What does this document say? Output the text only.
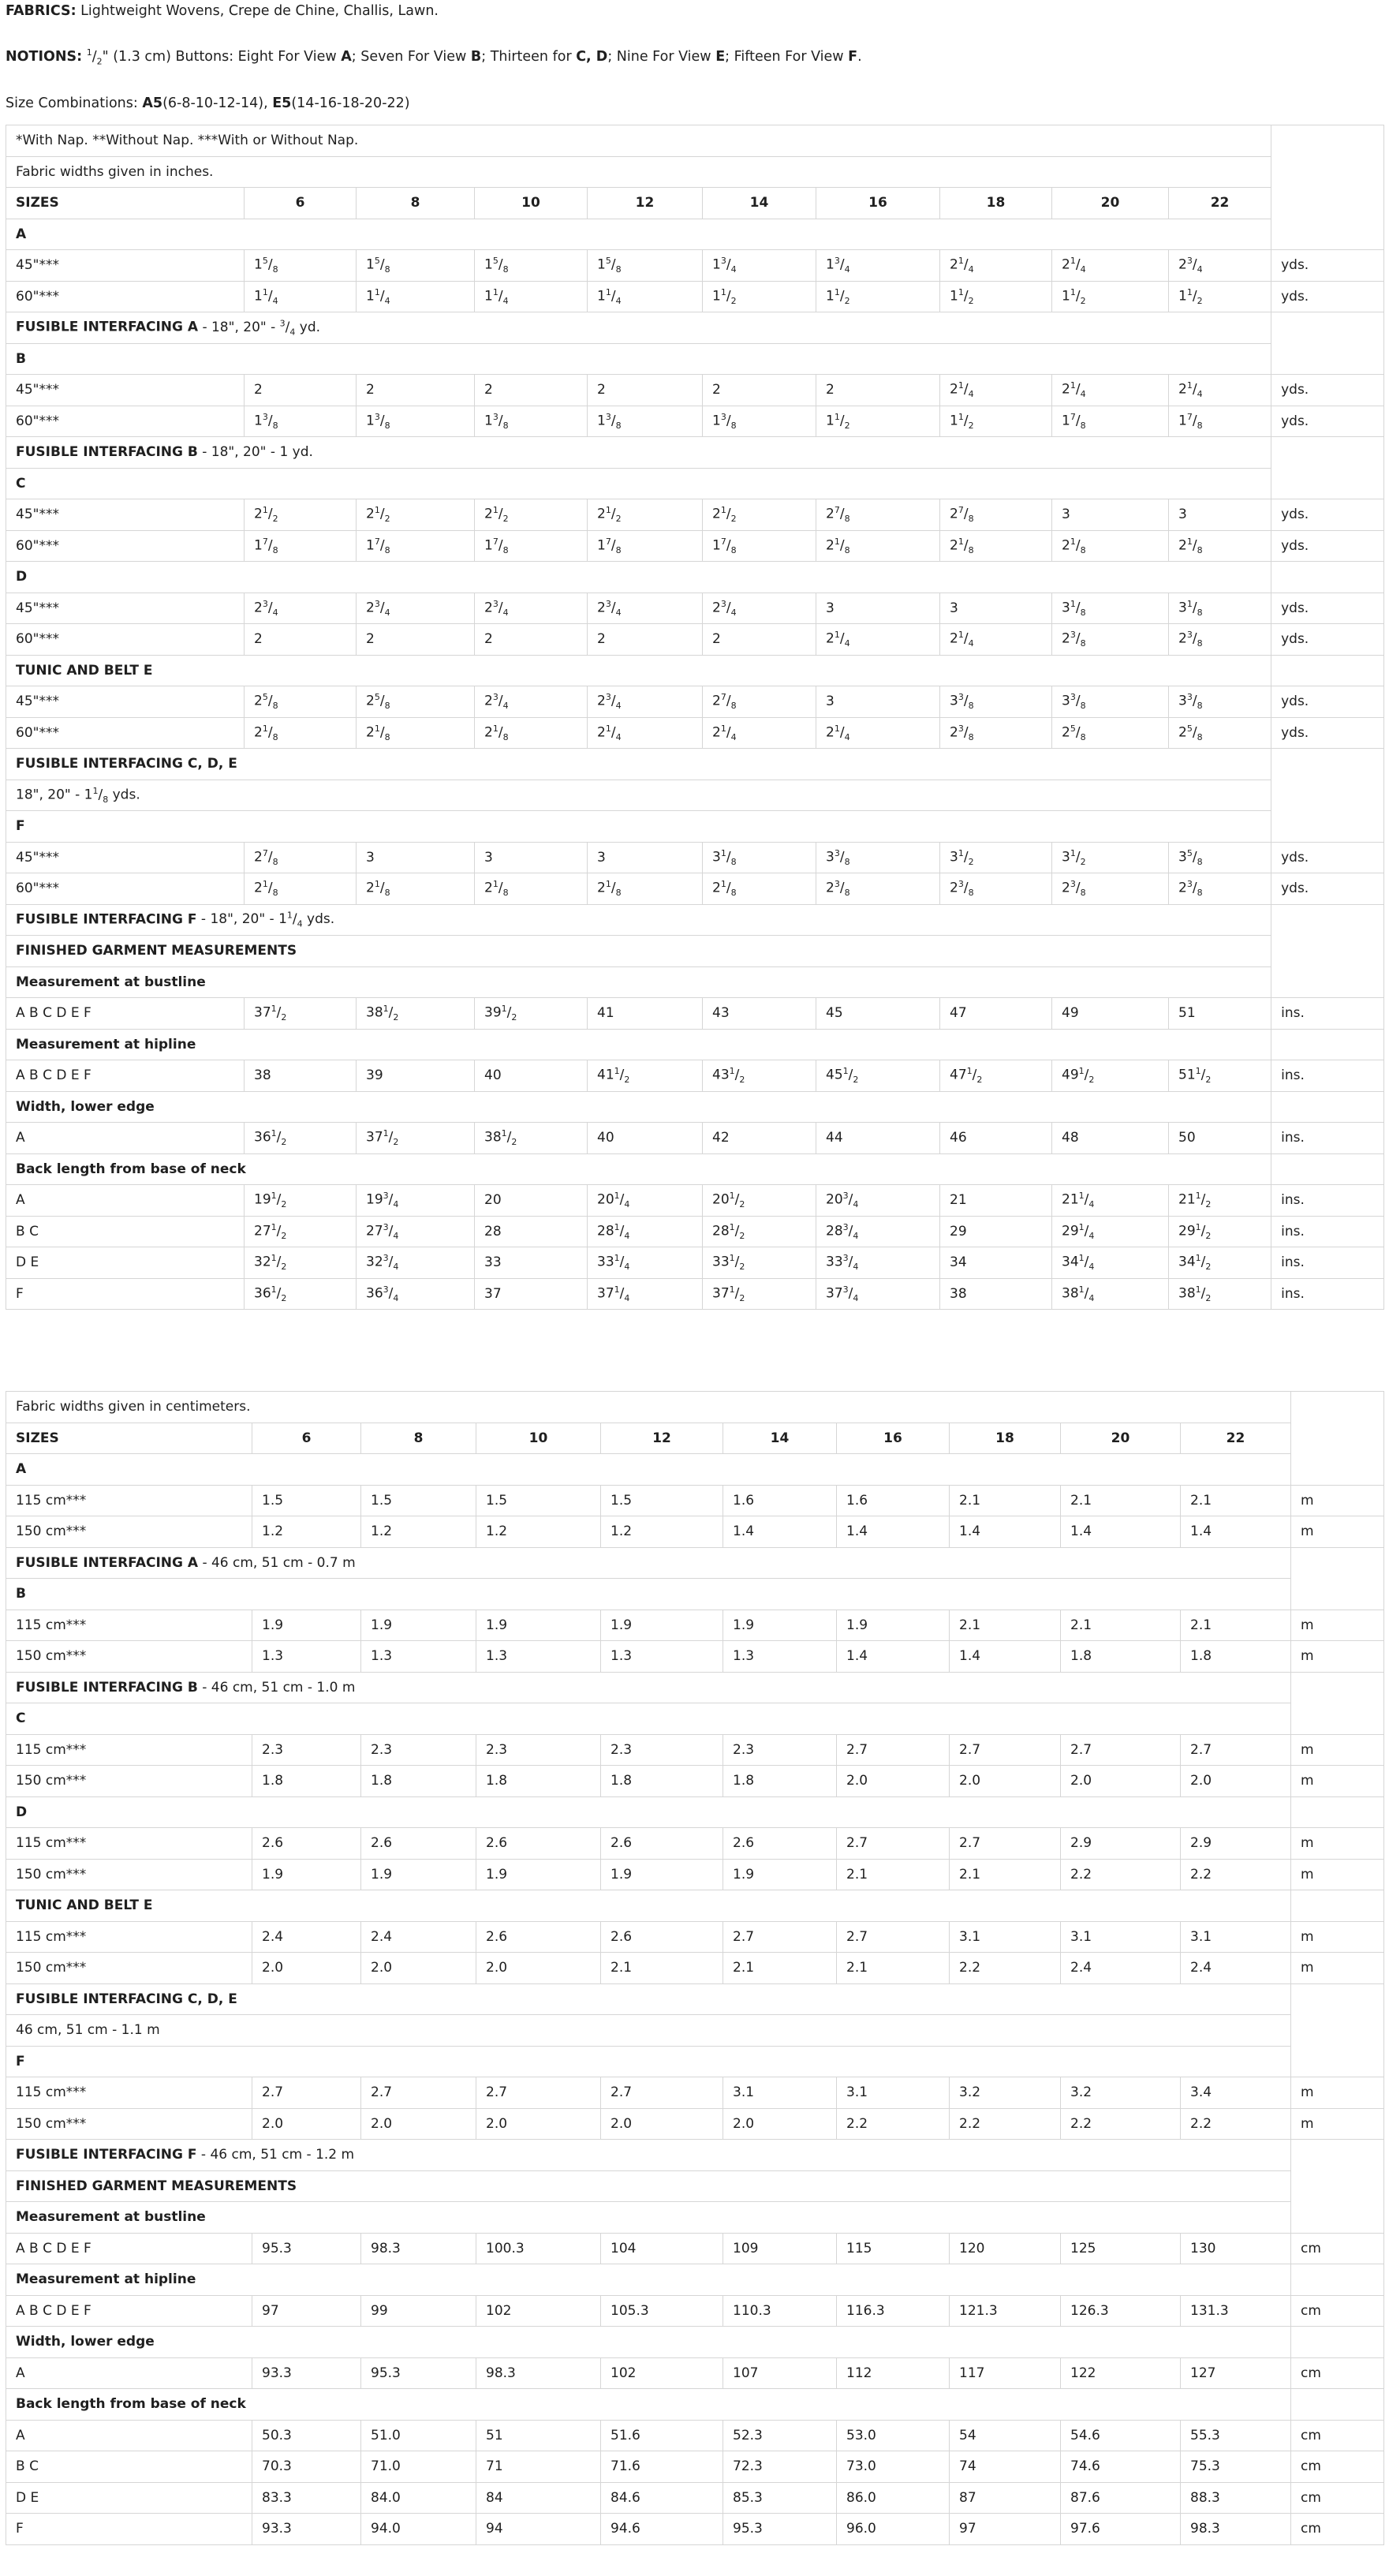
FABRICS: Lightweight Wovens, Crepe de Chine, Challis, Lawn.

NOTIONS: $^1/_2$" (1.3 cm) Buttons: Eight For View A; Seven For View B; Thirteen for C, D; Nine For View E; Fifteen For View F.

Size Combinations: A5(6-8-10-12-14), E5(14-16-18-20-22)

*With Nap. **Without Nap. ***With or Without Nap.										
Fabric widths given in inches.										
SIZES	6	8	10	12	14	16	18	20	22	
A										
45"***	$1^5/_8$	$1^5/_8$	$1^5/_8$	$1^5/_8$	$1^3/_4$	$1^3/_4$	$2^1/_4$	$2^1/_4$	$2^3/_4$	yds.
60"***	$1^1/_4$	$1^1/_4$	$1^1/_4$	$1^1/_4$	$1^1/_2$	$1^1/_2$	$1^1/_2$	$1^1/_2$	$1^1/_2$	yds.
FUSIBLE INTERFACING A - 18", 20" - $^3/_4$ yd.										
B										
45"***	2	2	2	2	2	2	$2^1/_4$	$2^1/_4$	$2^1/_4$	yds.
60"***	$1^3/_8$	$1^3/_8$	$1^3/_8$	$1^3/_8$	$1^3/_8$	$1^1/_2$	$1^1/_2$	$1^7/_8$	$1^7/_8$	yds.
FUSIBLE INTERFACING B - 18", 20" - 1 yd.										
C										
45"***	$2^1/_2$	$2^1/_2$	$2^1/_2$	$2^1/_2$	$2^1/_2$	$2^7/_8$	$2^7/_8$	3	3	yds.
60"***	$1^7/_8$	$1^7/_8$	$1^7/_8$	$1^7/_8$	$1^7/_8$	$2^1/_8$	$2^1/_8$	$2^1/_8$	$2^1/_8$	yds.
D										
45"***	$2^3/_4$	$2^3/_4$	$2^3/_4$	$2^3/_4$	$2^3/_4$	3	3	$3^1/_8$	$3^1/_8$	yds.
60"***	2	2	2	2	2	$2^1/_4$	$2^1/_4$	$2^3/_8$	$2^3/_8$	yds.
TUNIC AND BELT E										
45"***	$2^5/_8$	$2^5/_8$	$2^3/_4$	$2^3/_4$	$2^7/_8$	3	$3^3/_8$	$3^3/_8$	$3^3/_8$	yds.
60"***	$2^1/_8$	$2^1/_8$	$2^1/_8$	$2^1/_4$	$2^1/_4$	$2^1/_4$	$2^3/_8$	$2^5/_8$	$2^5/_8$	yds.
FUSIBLE INTERFACING C, D, E										
18", 20" - $1^1/_8$ yds.										
F										
45"***	$2^7/_8$	3	3	3	$3^1/_8$	$3^3/_8$	$3^1/_2$	$3^1/_2$	$3^5/_8$	yds.
60"***	$2^1/_8$	$2^1/_8$	$2^1/_8$	$2^1/_8$	$2^1/_8$	$2^3/_8$	$2^3/_8$	$2^3/_8$	$2^3/_8$	yds.
FUSIBLE INTERFACING F - 18", 20" - $1^1/_4$ yds.										
FINISHED GARMENT MEASUREMENTS										
Measurement at bustline										
A B C D E F	$37^1/_2$	$38^1/_2$	$39^1/_2$	41	43	45	47	49	51	ins.
Measurement at hipline										
A B C D E F	38	39	40	$41^1/_2$	$43^1/_2$	$45^1/_2$	$47^1/_2$	$49^1/_2$	$51^1/_2$	ins.
Width, lower edge										
A	$36^1/_2$	$37^1/_2$	$38^1/_2$	40	42	44	46	48	50	ins.
Back length from base of neck										
A	$19^1/_2$	$19^3/_4$	20	$20^1/_4$	$20^1/_2$	$20^3/_4$	21	$21^1/_4$	$21^1/_2$	ins.
B C	$27^1/_2$	$27^3/_4$	28	$28^1/_4$	$28^1/_2$	$28^3/_4$	29	$29^1/_4$	$29^1/_2$	ins.
D E	$32^1/_2$	$32^3/_4$	33	$33^1/_4$	$33^1/_2$	$33^3/_4$	34	$34^1/_4$	$34^1/_2$	ins.
F	$36^1/_2$	$36^3/_4$	37	$37^1/_4$	$37^1/_2$	$37^3/_4$	38	$38^1/_4$	$38^1/_2$	ins.
Fabric widths given in centimeters.										
SIZES	6	8	10	12	14	16	18	20	22	
A										
115 cm***	1.5	1.5	1.5	1.5	1.6	1.6	2.1	2.1	2.1	m
150 cm***	1.2	1.2	1.2	1.2	1.4	1.4	1.4	1.4	1.4	m
FUSIBLE INTERFACING A - 46 cm, 51 cm - 0.7 m										
B										
115 cm***	1.9	1.9	1.9	1.9	1.9	1.9	2.1	2.1	2.1	m
150 cm***	1.3	1.3	1.3	1.3	1.3	1.4	1.4	1.8	1.8	m
FUSIBLE INTERFACING B - 46 cm, 51 cm - 1.0 m										
C										
115 cm***	2.3	2.3	2.3	2.3	2.3	2.7	2.7	2.7	2.7	m
150 cm***	1.8	1.8	1.8	1.8	1.8	2.0	2.0	2.0	2.0	m
D										
115 cm***	2.6	2.6	2.6	2.6	2.6	2.7	2.7	2.9	2.9	m
150 cm***	1.9	1.9	1.9	1.9	1.9	2.1	2.1	2.2	2.2	m
TUNIC AND BELT E										
115 cm***	2.4	2.4	2.6	2.6	2.7	2.7	3.1	3.1	3.1	m
150 cm***	2.0	2.0	2.0	2.1	2.1	2.1	2.2	2.4	2.4	m
FUSIBLE INTERFACING C, D, E										
46 cm, 51 cm - 1.1 m										
F										
115 cm***	2.7	2.7	2.7	2.7	3.1	3.1	3.2	3.2	3.4	m
150 cm***	2.0	2.0	2.0	2.0	2.0	2.2	2.2	2.2	2.2	m
FUSIBLE INTERFACING F - 46 cm, 51 cm - 1.2 m										
FINISHED GARMENT MEASUREMENTS										
Measurement at bustline										
A B C D E F	95.3	98.3	100.3	104	109	115	120	125	130	cm
Measurement at hipline										
A B C D E F	97	99	102	105.3	110.3	116.3	121.3	126.3	131.3	cm
Width, lower edge										
A	93.3	95.3	98.3	102	107	112	117	122	127	cm
Back length from base of neck										
A	50.3	51.0	51	51.6	52.3	53.0	54	54.6	55.3	cm
B C	70.3	71.0	71	71.6	72.3	73.0	74	74.6	75.3	cm
D E	83.3	84.0	84	84.6	85.3	86.0	87	87.6	88.3	cm
F	93.3	94.0	94	94.6	95.3	96.0	97	97.6	98.3	cm
